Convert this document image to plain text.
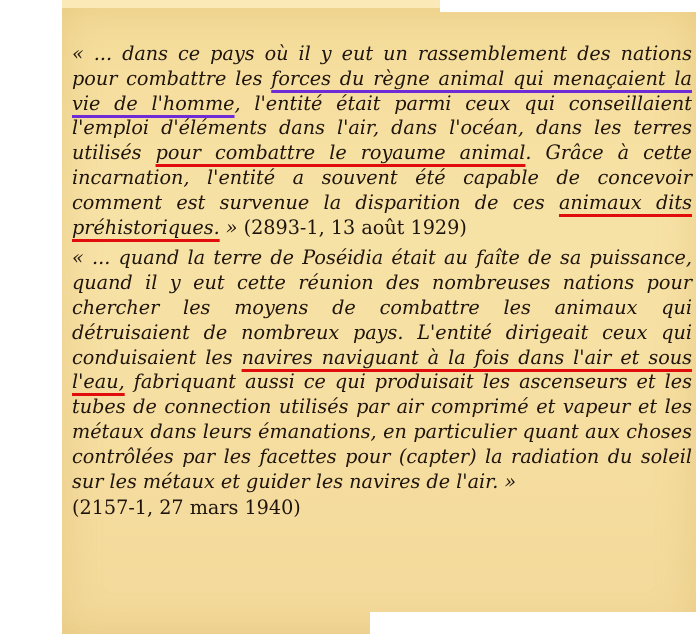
« ... dans ce pays où il y eut un rassemblement des nations pour combattre les forces du règne animal qui menaçaient la vie de l'homme, l'entité était parmi ceux qui conseillaient l'emploi d'éléments dans l'air, dans l'océan, dans les terres utilisés pour combattre le royaume animal. Grâce à cette incarnation, l'entité a souvent été capable de concevoir comment est survenue la disparition de ces animaux dits préhistoriques. » (2893-1, 13 août 1929)

« ... quand la terre de Poséidia était au faîte de sa puissance, quand il y eut cette réunion des nombreuses nations pour chercher les moyens de combattre les animaux qui détruisaient de nombreux pays. L'entité dirigeait ceux qui conduisaient les navires naviguant à la fois dans l'air et sous l'eau, fabriquant aussi ce qui produisait les ascenseurs et les tubes de connection utilisés par air comprimé et vapeur et les métaux dans leurs émanations, en particulier quant aux choses contrôlées par les facettes pour (capter) la radiation du soleil sur les métaux et guider les navires de l'air. »

(2157-1, 27 mars 1940)
